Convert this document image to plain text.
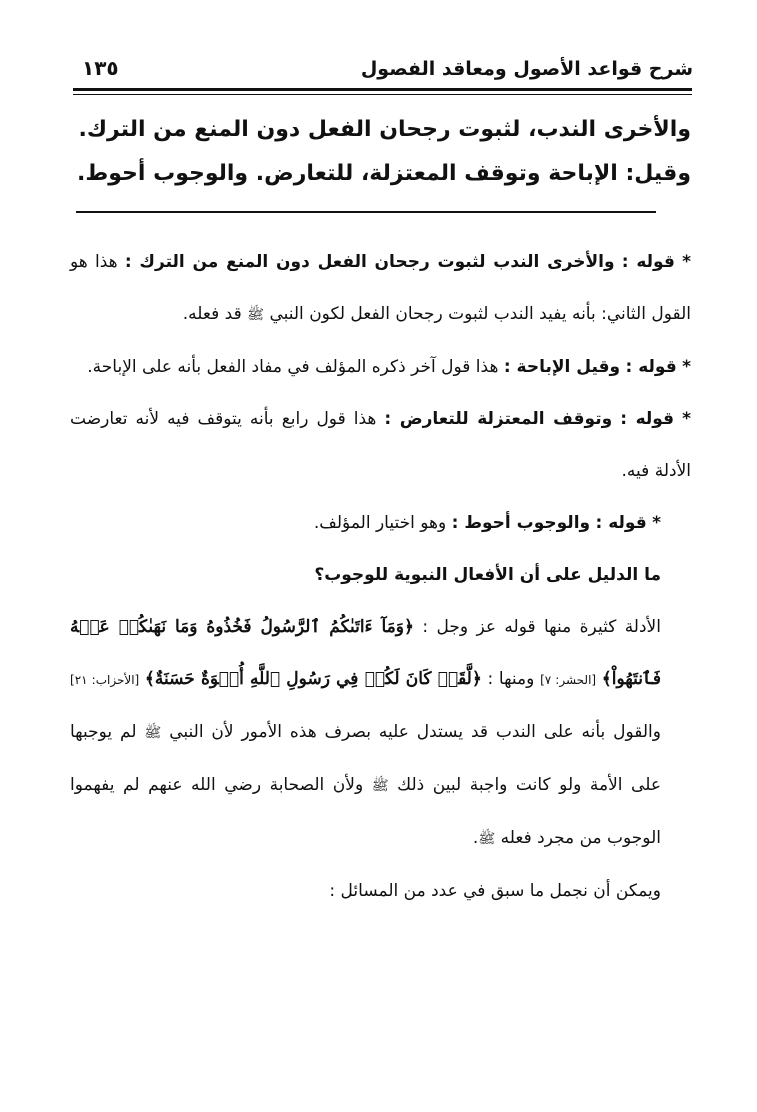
شرح قواعد الأصول ومعاقد الفصول
١٣٥
والأخرى الندب، لثبوت رجحان الفعل دون المنع من الترك.
وقيل: الإباحة وتوقف المعتزلة، للتعارض. والوجوب أحوط.

* قوله : والأخرى الندب لثبوت رجحان الفعل دون المنع من الترك : هذا هو القول الثاني: بأنه يفيد الندب لثبوت رجحان الفعل لكون النبي ﷺ قد فعله.

* قوله : وقيل الإباحة : هذا قول آخر ذكره المؤلف في مفاد الفعل بأنه على الإباحة.

* قوله : وتوقف المعتزلة للتعارض : هذا قول رابع بأنه يتوقف فيه لأنه تعارضت الأدلة فيه.

* قوله : والوجوب أحوط : وهو اختيار المؤلف.

ما الدليل على أن الأفعال النبوية للوجوب؟

الأدلة كثيرة منها قوله عز وجل : ﴿وَمَآ ءَاتَىٰكُمُ ٱلرَّسُولُ فَخُذُوهُ وَمَا نَهَىٰكُمۡ عَنۡهُ فَٱنتَهُواْ﴾ [الحشر: ٧] ومنها : ﴿لَّقَدۡ كَانَ لَكُمۡ فِي رَسُولِ ٱللَّهِ أُسۡوَةٌ حَسَنَةٌ﴾ [الأحزاب: ٢١] والقول بأنه على الندب قد يستدل عليه بصرف هذه الأمور لأن النبي ﷺ لم يوجبها على الأمة ولو كانت واجبة لبين ذلك ﷺ ولأن الصحابة رضي الله عنهم لم يفهموا الوجوب من مجرد فعله ﷺ.

ويمكن أن نجمل ما سبق في عدد من المسائل :
